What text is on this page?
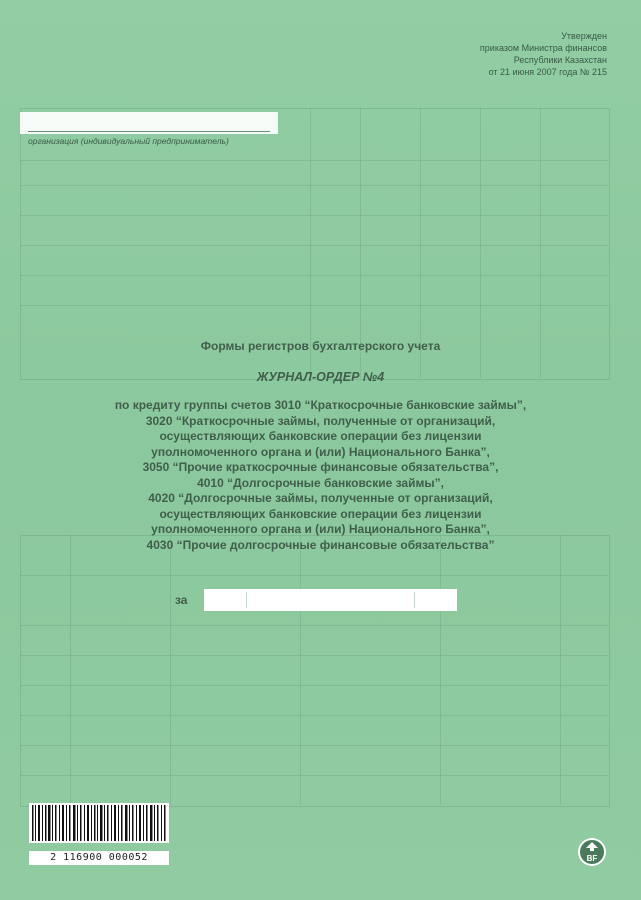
Утвержден
приказом Министра финансов
Республики Казахстан
от 21 июня 2007 года № 215
организация (индивидуальный предприниматель)
Формы регистров бухгалтерского учета
ЖУРНАЛ-ОРДЕР №4
по кредиту группы счетов 3010 “Краткосрочные банковские займы”,
3020 “Краткосрочные займы, полученные от организаций,
осуществляющих банковские операции без лицензии
уполномоченного органа и (или) Национального Банка”,
3050 “Прочие краткосрочные финансовые обязательства”,
4010 “Долгосрочные банковские займы”,
4020 “Долгосрочные займы, полученные от организаций,
осуществляющих банковские операции без лицензии
уполномоченного органа и (или) Национального Банка”,
4030 “Прочие долгосрочные финансовые обязательства”
за
2 116900 000052	BF
